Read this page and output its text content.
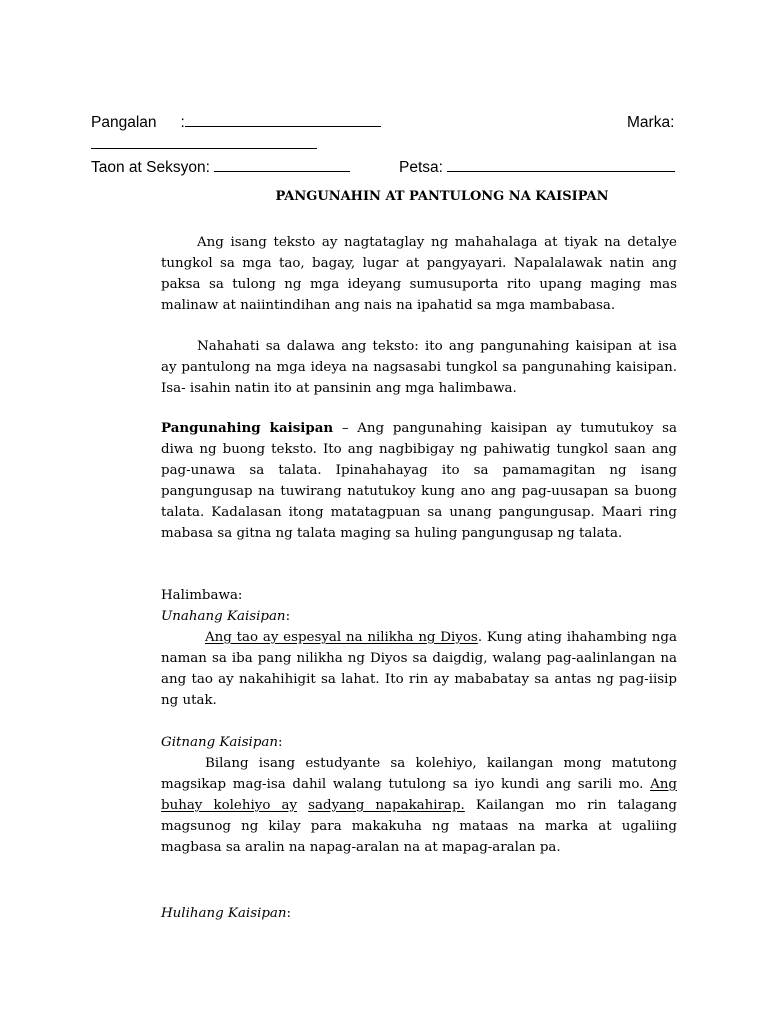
Pangalan :	Marka:
Taon at Seksyon:	Petsa:
PANGUNAHIN AT PANTULONG NA KAISIPAN

Ang isang teksto ay nagtataglay ng mahahalaga at tiyak na detalye tungkol sa mga tao, bagay, lugar at pangyayari. Napalalawak natin ang paksa sa tulong ng mga ideyang sumusuporta rito upang maging mas malinaw at naiintindihan ang nais na ipahatid sa mga mambabasa.

Nahahati sa dalawa ang teksto: ito ang pangunahing kaisipan at isa ay pantulong na mga ideya na nagsasabi tungkol sa pangunahing kaisipan. Isa- isahin natin ito at pansinin ang mga halimbawa.

Pangunahing kaisipan – Ang pangunahing kaisipan ay tumutukoy sa diwa ng buong teksto. Ito ang nagbibigay ng pahiwatig tungkol saan ang pag-unawa sa talata. Ipinahahayag ito sa pamamagitan ng isang pangungusap na tuwirang natutukoy kung ano ang pag-uusapan sa buong talata. Kadalasan itong matatagpuan sa unang pangungusap. Maari ring mabasa sa gitna ng talata maging sa huling pangungusap ng talata.

Halimbawa:
Unahang Kaisipan:

Ang tao ay espesyal na nilikha ng Diyos. Kung ating ihahambing nga naman sa iba pang nilikha ng Diyos sa daigdig, walang pag-aalinlangan na ang tao ay nakahihigit sa lahat. Ito rin ay mababatay sa antas ng pag-iisip ng utak.

Gitnang Kaisipan:

Bilang isang estudyante sa kolehiyo, kailangan mong matutong magsikap mag-isa dahil walang tutulong sa iyo kundi ang sarili mo. Ang buhay kolehiyo ay sadyang napakahirap. Kailangan mo rin talagang magsunog ng kilay para makakuha ng mataas na marka at ugaliing magbasa sa aralin na napag-aralan na at mapag-aralan pa.

Hulihang Kaisipan:
